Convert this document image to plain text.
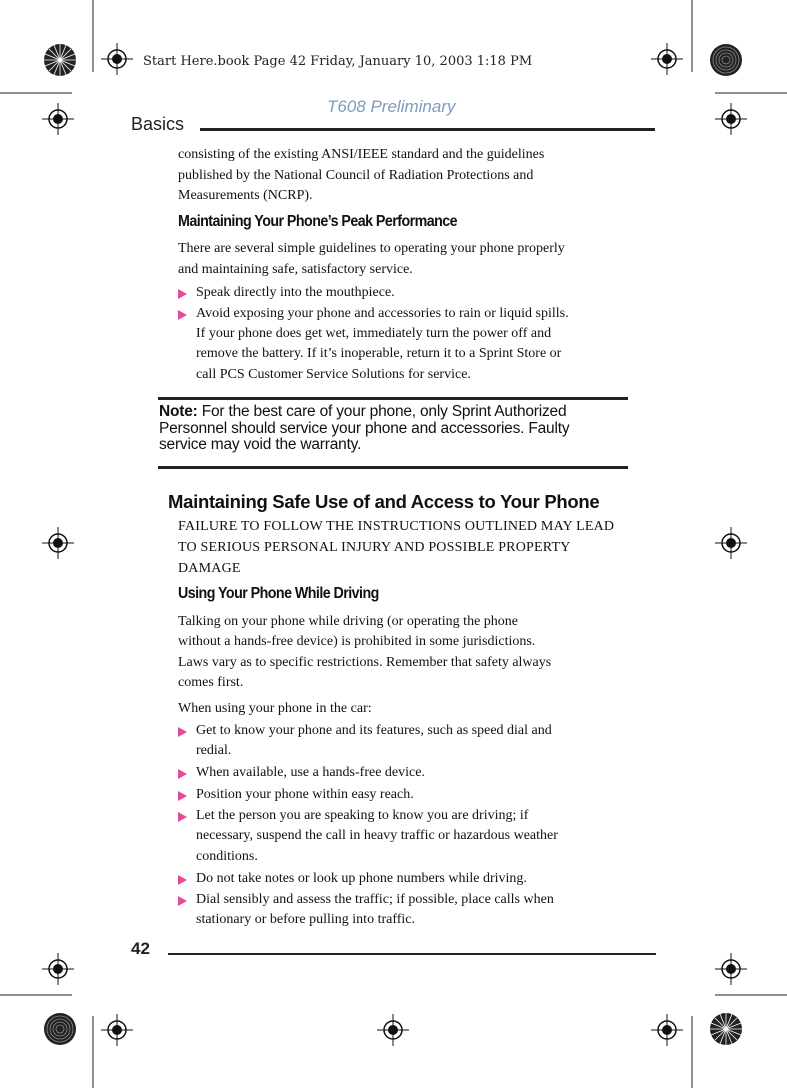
Start Here.book Page 42 Friday, January 10, 2003 1:18 PM
T608 Preliminary
Basics
consisting of the existing ANSI/IEEE standard and the guidelines
published by the National Council of Radiation Protections and
Measurements (NCRP).
Maintaining Your Phone’s Peak Performance
There are several simple guidelines to operating your phone properly
and maintaining safe, satisfactory service.
Speak directly into the mouthpiece.
Avoid exposing your phone and accessories to rain or liquid spills.
If your phone does get wet, immediately turn the power off and
remove the battery. If it’s inoperable, return it to a Sprint Store or
call PCS Customer Service Solutions for service.
Note: For the best care of your phone, only Sprint Authorized
Personnel should service your phone and accessories. Faulty
service may void the warranty.
Maintaining Safe Use of and Access to Your Phone
FAILURE TO FOLLOW THE INSTRUCTIONS OUTLINED MAY LEAD
TO SERIOUS PERSONAL INJURY AND POSSIBLE PROPERTY
DAMAGE
Using Your Phone While Driving
Talking on your phone while driving (or operating the phone
without a hands-free device) is prohibited in some jurisdictions.
Laws vary as to specific restrictions. Remember that safety always
comes first.
When using your phone in the car:
Get to know your phone and its features, such as speed dial and
redial.
When available, use a hands-free device.
Position your phone within easy reach.
Let the person you are speaking to know you are driving; if
necessary, suspend the call in heavy traffic or hazardous weather
conditions.
Do not take notes or look up phone numbers while driving.
Dial sensibly and assess the traffic; if possible, place calls when
stationary or before pulling into traffic.
42
